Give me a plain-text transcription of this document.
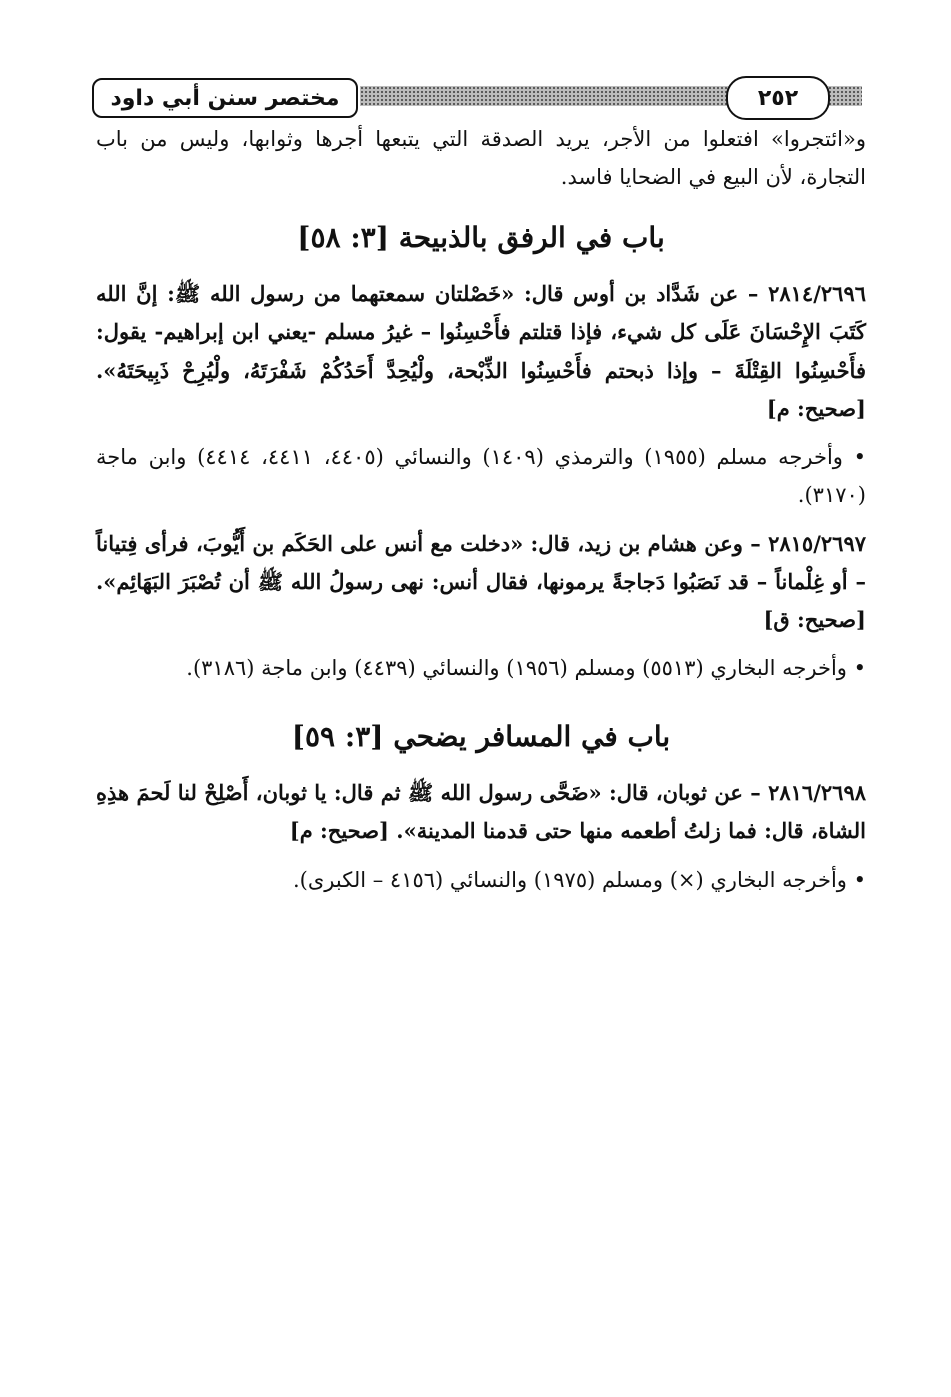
مختصر سنن أبي داود	٢٥٢

و«ائتجروا» افتعلوا من الأجر، يريد الصدقة التي يتبعها أجرها وثوابها، وليس من باب التجارة، لأن البيع في الضحايا فاسد.

باب في الرفق بالذبيحة [٣: ٥٨]

٢٨١٤/٢٦٩٦ – عن شَدَّاد بن أوس قال: «خَصْلتان سمعتهما من رسول الله ﷺ: إنَّ الله كَتَبَ الإِحْسَانَ عَلَى كل شيء، فإذا قتلتم فأَحْسِنُوا – غيرُ مسلم -يعني ابن إبراهيم- يقول: فأَحْسِنُوا القِتْلَةَ – وإذا ذبحتم فأَحْسِنُوا الذِّبْحة، ولْيُحِدَّ أَحَدُكُمْ شَفْرَتَهُ، ولْيُرِحْ ذَبِيحَتَهُ». [صحيح: م]

• وأخرجه مسلم (١٩٥٥) والترمذي (١٤٠٩) والنسائي (٤٤٠٥، ٤٤١١، ٤٤١٤) وابن ماجة (٣١٧٠).

٢٨١٥/٢٦٩٧ – وعن هشام بن زيد، قال: «دخلت مع أنس على الحَكَم بن أَيُّوبَ، فرأى فِتياناً – أو غِلْماناً – قد نَصَبُوا دَجاجةً يرمونها، فقال أنس: نهى رسولُ الله ﷺ أن تُصْبَرَ البَهَائِم». [صحيح: ق]

• وأخرجه البخاري (٥٥١٣) ومسلم (١٩٥٦) والنسائي (٤٤٣٩) وابن ماجة (٣١٨٦).

باب في المسافر يضحي [٣: ٥٩]

٢٨١٦/٢٦٩٨ – عن ثوبان، قال: «ضَحَّى رسول الله ﷺ ثم قال: يا ثوبان، أَصْلِحْ لنا لَحمَ هذِهِ الشاة، قال: فما زلتُ أطعمه منها حتى قدمنا المدينة». [صحيح: م]

• وأخرجه البخاري (×) ومسلم (١٩٧٥) والنسائي (٤١٥٦ – الكبرى).
